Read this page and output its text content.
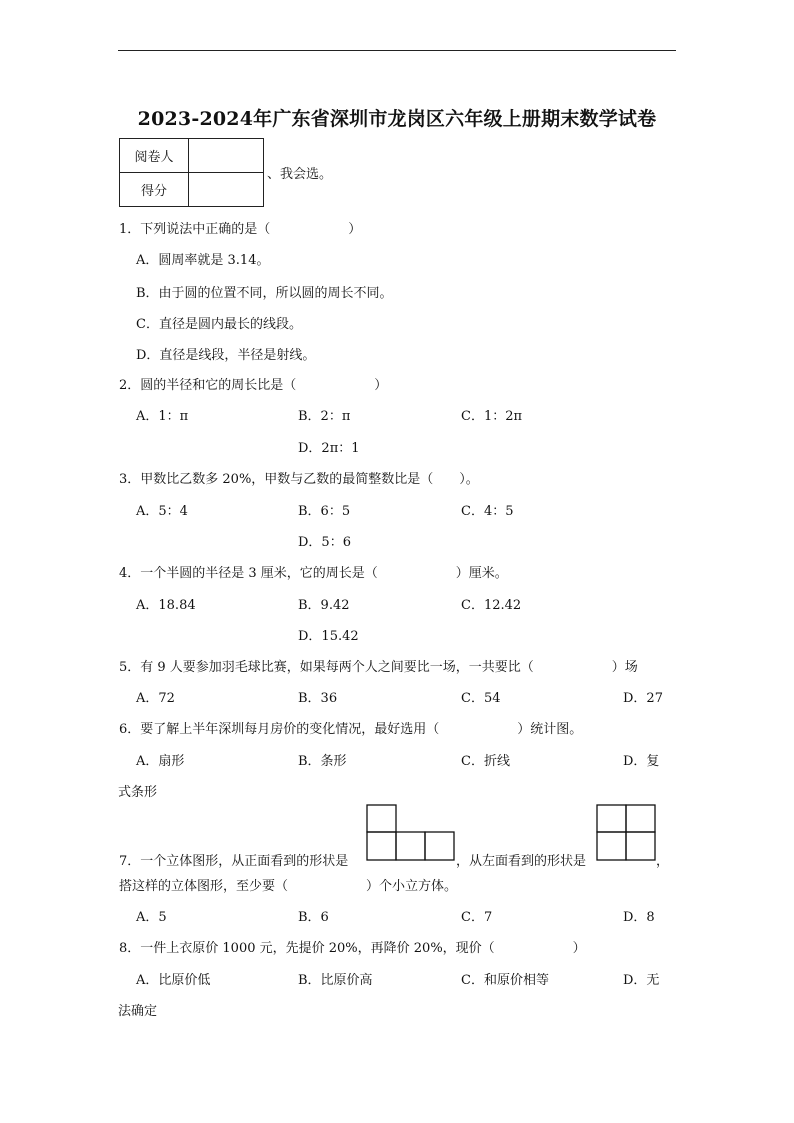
2023-2024年广东省深圳市龙岗区六年级上册期末数学试卷
阅卷人	
得分	
、我会选。
1．下列说法中正确的是（　　　　　　）
A．圆周率就是 3.14。
B．由于圆的位置不同，所以圆的周长不同。
C．直径是圆内最长的线段。
D．直径是线段，半径是射线。
2．圆的半径和它的周长比是（　　　　　　）
A．1：π	B．2：π	C．1：2π
D．2π：1
3．甲数比乙数多 20%，甲数与乙数的最简整数比是（　　）。
A．5：4	B．6：5	C．4：5
D．5：6
4．一个半圆的半径是 3 厘米，它的周长是（　　　　　　）厘米。
A．18.84	B．9.42	C．12.42
D．15.42
5．有 9 人要参加羽毛球比赛，如果每两个人之间要比一场，一共要比（　　　　　　）场
A．72	B．36	C．54	D．27
6．要了解上半年深圳每月房价的变化情况，最好选用（　　　　　　）统计图。
A．扇形	B．条形	C．折线	D．复
式条形
7．一个立体图形，从正面看到的形状是	，从左面看到的形状是	，
搭这样的立体图形，至少要（　　　　　　）个小立方体。
A．5	B．6	C．7	D．8
8．一件上衣原价 1000 元，先提价 20%，再降价 20%，现价（　　　　　　）
A．比原价低	B．比原价高	C．和原价相等	D．无
法确定
